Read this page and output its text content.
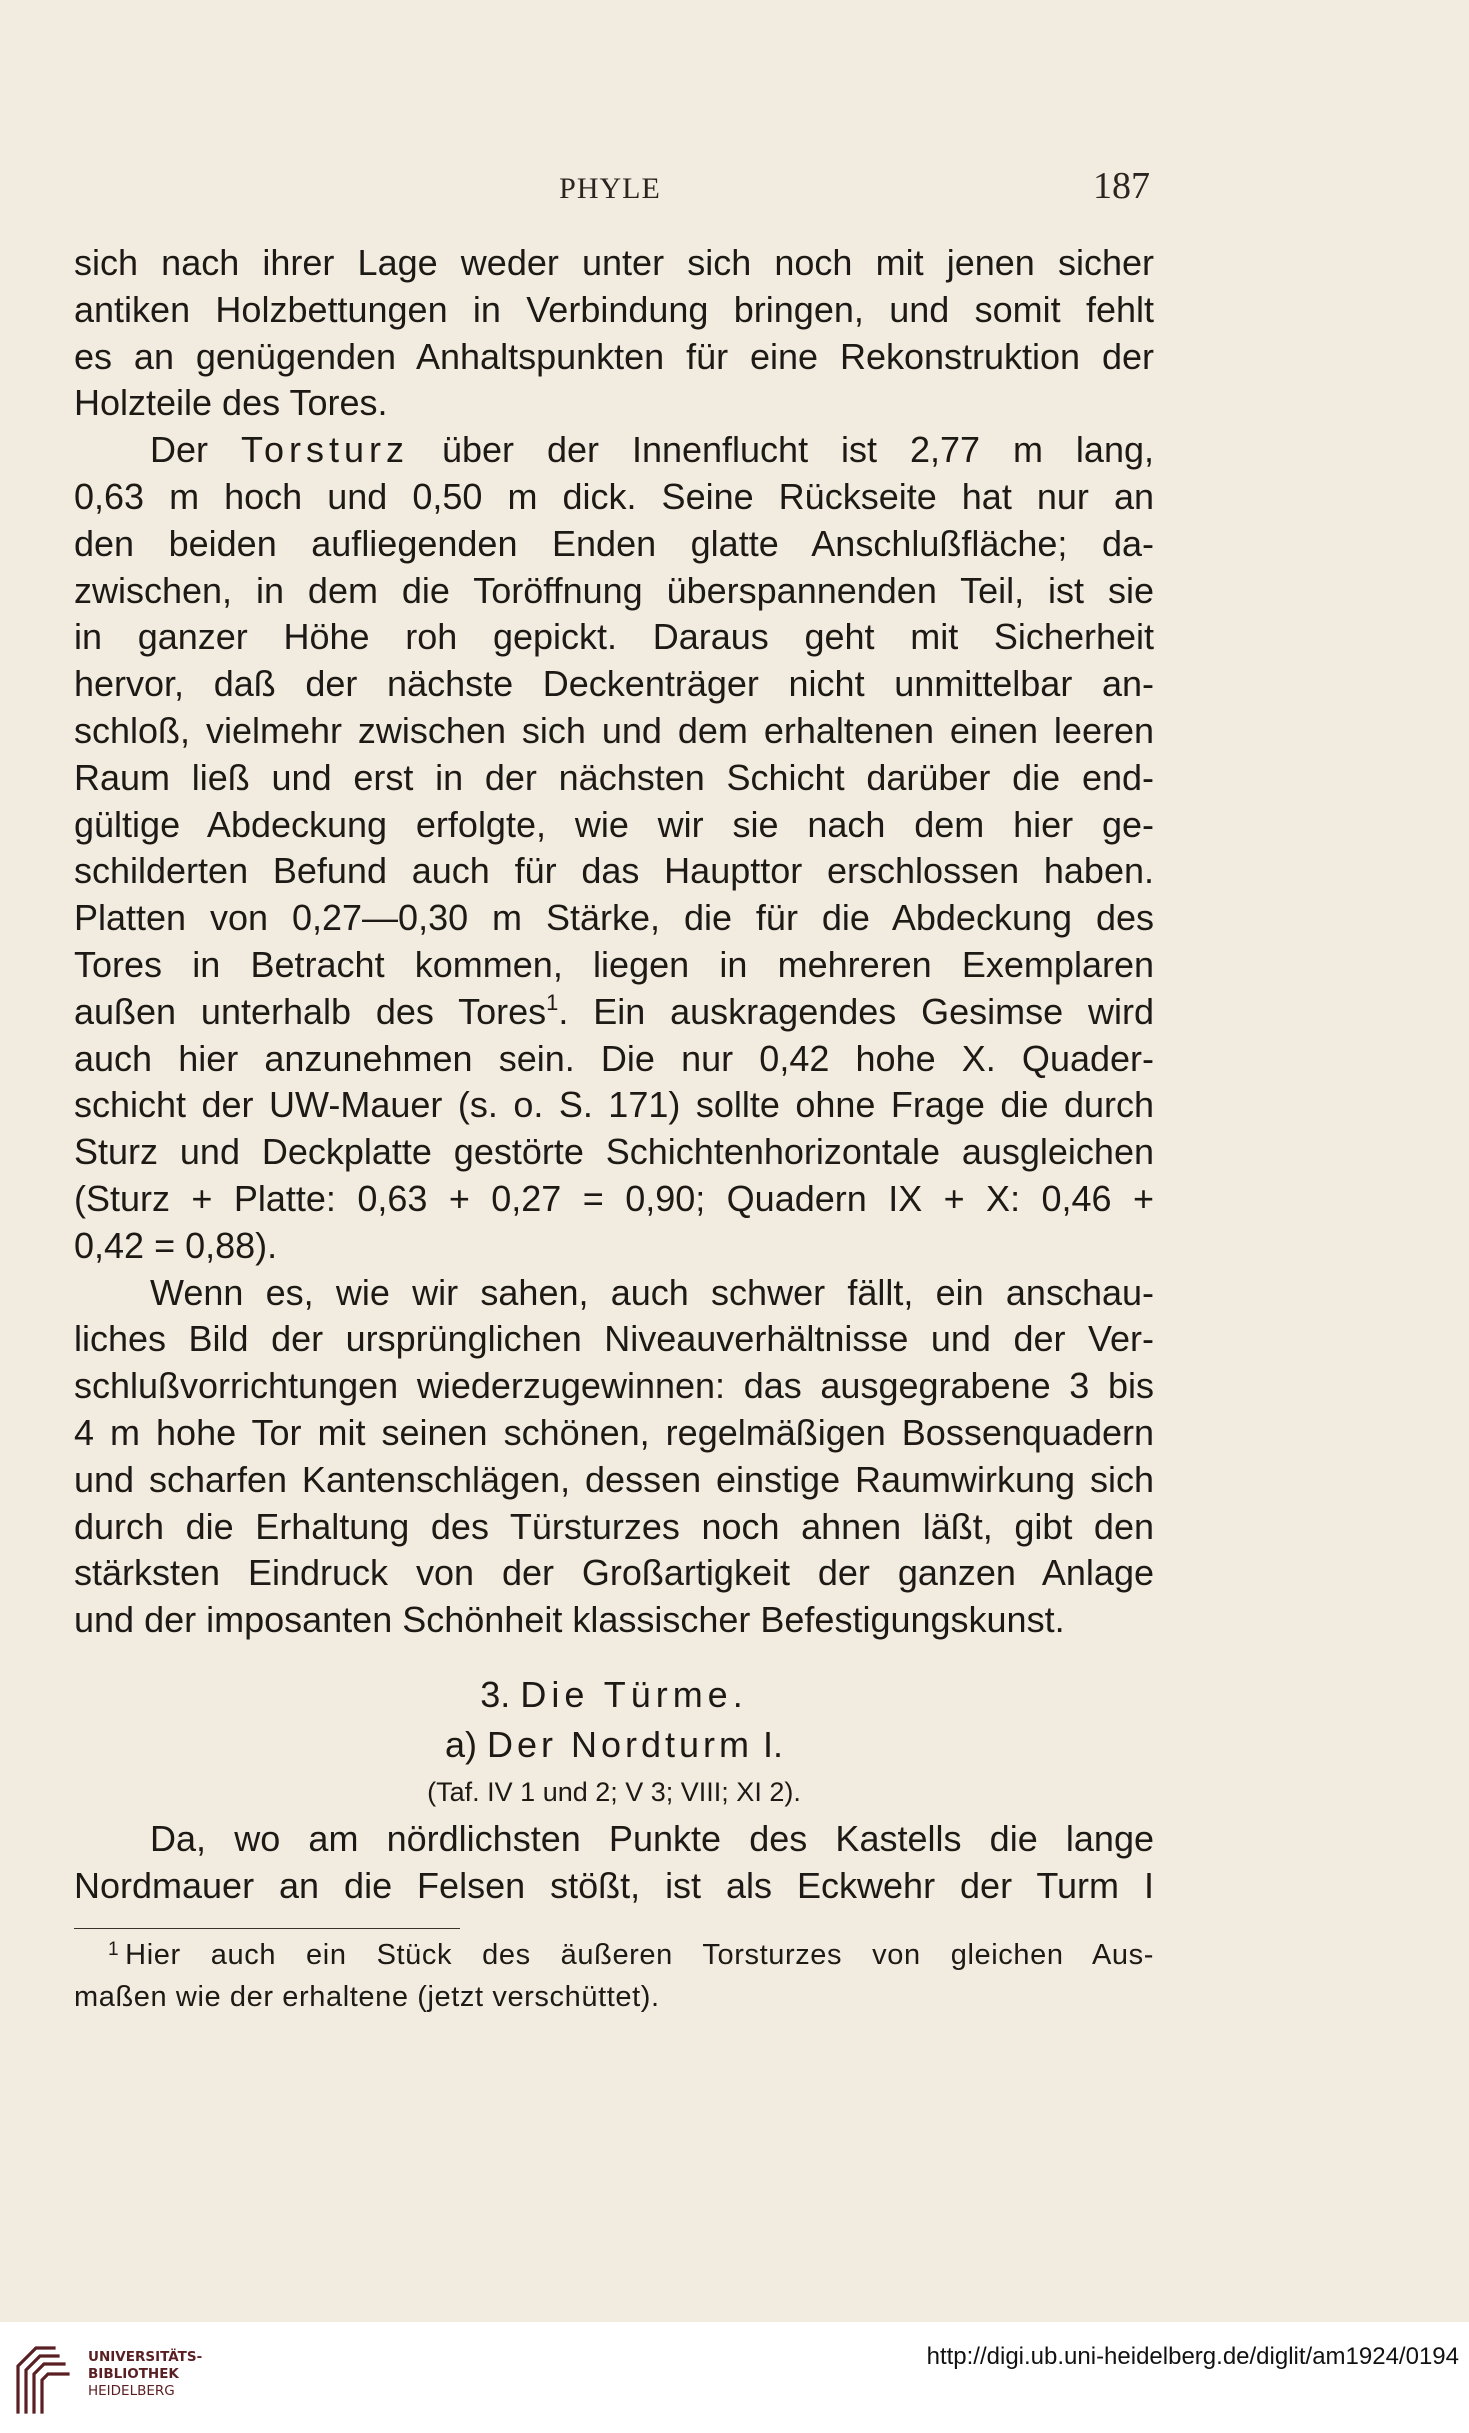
PHYLE	187
sich nach ihrer Lage weder unter sich noch mit jenen sicher
antiken Holzbettungen in Verbindung bringen, und somit fehlt
es an genügenden Anhaltspunkten für eine Rekonstruktion der
Holzteile des Tores.
Der Torsturz über der Innenflucht ist 2,77 m lang,
0,63 m hoch und 0,50 m dick. Seine Rückseite hat nur an
den beiden aufliegenden Enden glatte Anschlußfläche; da-
zwischen, in dem die Toröffnung überspannenden Teil, ist sie
in ganzer Höhe roh gepickt. Daraus geht mit Sicherheit
hervor, daß der nächste Deckenträger nicht unmittelbar an-
schloß, vielmehr zwischen sich und dem erhaltenen einen leeren
Raum ließ und erst in der nächsten Schicht darüber die end-
gültige Abdeckung erfolgte, wie wir sie nach dem hier ge-
schilderten Befund auch für das Haupttor erschlossen haben.
Platten von 0,27—0,30 m Stärke, die für die Abdeckung des
Tores in Betracht kommen, liegen in mehreren Exemplaren
außen unterhalb des Tores$^1$. Ein auskragendes Gesimse wird
auch hier anzunehmen sein. Die nur 0,42 hohe X. Quader-
schicht der UW-Mauer (s. o. S. 171) sollte ohne Frage die durch
Sturz und Deckplatte gestörte Schichtenhorizontale ausgleichen
(Sturz + Platte: 0,63 + 0,27 = 0,90; Quadern IX + X: 0,46 +
0,42 = 0,88).
Wenn es, wie wir sahen, auch schwer fällt, ein anschau-
liches Bild der ursprünglichen Niveauverhältnisse und der Ver-
schlußvorrichtungen wiederzugewinnen: das ausgegrabene 3 bis
4 m hohe Tor mit seinen schönen, regelmäßigen Bossenquadern
und scharfen Kantenschlägen, dessen einstige Raumwirkung sich
durch die Erhaltung des Türsturzes noch ahnen läßt, gibt den
stärksten Eindruck von der Großartigkeit der ganzen Anlage
und der imposanten Schönheit klassischer Befestigungskunst.
3. Die Türme.
a) Der Nordturm I.
(Taf. IV 1 und 2; V 3; VIII; XI 2).
Da, wo am nördlichsten Punkte des Kastells die lange
Nordmauer an die Felsen stößt, ist als Eckwehr der Turm I
$^1$ Hier auch ein Stück des äußeren Torsturzes von gleichen Aus-
maßen wie der erhaltene (jetzt verschüttet).
UNIVERSITÄTS-
BIBLIOTHEK
HEIDELBERG
http://digi.ub.uni-heidelberg.de/diglit/am1924/0194
